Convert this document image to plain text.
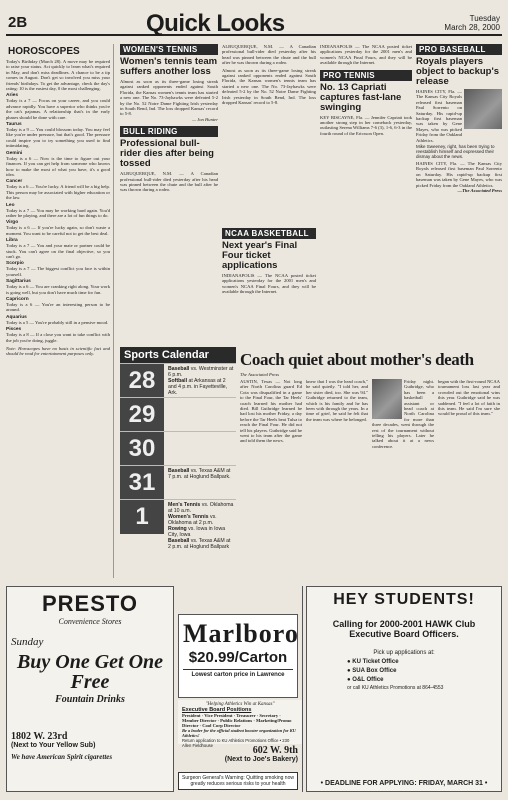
2B	Quick Looks	Tuesday
March 28, 2000
HOROSCOPES
Today's Birthday (March 28). A move may be required to raise your status. Act quickly to learn what's required in May, and don't miss deadlines. A chance to be a tip comes in August. Don't get so involved you miss your friends' birthdays. To get the advantage, check the day's rating: 10 is the easiest day, 0 the most challenging.
Aries
Today is a 7 — Focus on your career, and you could advance rapidly. You have a superior who thinks you're the cat's pajamas. A relationship that's in the early phases should be done with care.
Taurus
Today is a 9 — You could blossom today. You may feel like you're under pressure, but that's good. The pressure could inspire you to try something you used to find intimidating.
Gemini
Today is a 6 — Now is the time to figure out your finances. If you can get help from someone who knows how to make the most of what you have, it's a good idea.
Cancer
Today is a 6 — You're lucky. A friend will be a big help. This person may be associated with higher education or the law.
Leo
Today is a 7 — You may be working hard again. You'd rather be playing, and there are a lot of fun things to do.
Virgo
Today is a 6 — If you're lucky again, so don't waste a moment. You want to be careful not to get the best deal.
Libra
Today is a 7 — You and your mate or partner could be stuck. You can't agree on the final objective, so you can't go.
Scorpio
Today is a 7 — The biggest conflict you face is within yourself.
Sagittarius
Today is a 6 — You are cranking right along. Your work is going well, but you don't have much time for fun.
Capricorn
Today is a 6 — You're an interesting person to be around.
Aquarius
Today is a 5 — You're probably still in a pensive mood.
Pisces
Today is a 8 — If a close you want to take conflict with the job you're doing, juggle.
Note: Horoscopes have no basis in scientific fact and should be read for entertainment purposes only.
WOMEN'S TENNIS
Women's tennis team suffers another loss
Almost as soon as its three-game losing streak against ranked opponents ended against South Florida, the Kansas women's tennis team has started a new one. The No. 73-Jayhawks were defeated 5-2 by the No. 52 Notre Dame Fighting Irish yesterday in South Bend, Ind. The loss dropped Kansas' record to 5-8.
— Jon Hunter
BULL RIDING
Professional bull-rider dies after being tossed
ALBUQUERQUE, N.M. — A Canadian professional bull-rider died yesterday after his head was pinned between the chute and the bull after he was thrown during a rodeo.
ALBUQUERQUE, N.M. — A Canadian professional bull-rider died yesterday after his head was pinned between the chute and the bull after he was thrown during a rodeo.
Almost as soon as its three-game losing streak against ranked opponents ended against South Florida, the Kansas women's tennis team has started a new one. The No. 73-Jayhawks were defeated 5-2 by the No. 52 Notre Dame Fighting Irish yesterday in South Bend, Ind. The loss dropped Kansas' record to 5-8.
INDIANAPOLIS — The NCAA posted ticket applications yesterday for the 2001 men's and women's NCAA Final Fours, and they will be available through the Internet.
PRO TENNIS
No. 13 Capriati captures fast-lane swinging
KEY BISCAYNE, Fla. — Jennifer Capriati took another strong step in her comeback yesterday, outlasting Serena Williams 7-6 (3), 1-6, 6-3 in the fourth round of the Ericsson Open.
NCAA BASKETBALL
Next year's Final Four ticket applications
INDIANAPOLIS — The NCAA posted ticket applications yesterday for the 2001 men's and women's NCAA Final Fours, and they will be available through the Internet.
PRO BASEBALL
Royals players object to backup's release
HAINES CITY, Fla. — The Kansas City Royals released first baseman Paul Sorrento on Saturday. His rapid-up backup first baseman was taken by Gene Mayes, who was picked Friday from the Oakland Athletics.
Mike Sweeney, right, has been trying to reestablish himself and expressed their dismay about the news.
HAINES CITY, Fla. — The Kansas City Royals released first baseman Paul Sorrento on Saturday. His rapid-up backup first baseman was taken by Gene Mayes, who was picked Friday from the Oakland Athletics.
—The Associated Press
Sports Calendar
28	Baseball vs. Westminster at 6 p.m.
Softball at Arkansas at 2 and 4 p.m. in Fayetteville, Ark.
29
30
31	Baseball vs. Texas A&M at 7 p.m. at Hoglund Ballpark.
1	Men's Tennis vs. Oklahoma at 10 a.m.
Women's Tennis vs. Oklahoma at 2 p.m.
Rowing vs. Iowa in Iowa City, Iowa
Baseball vs. Texas A&M at 2 p.m. at Hoglund Ballpark
Coach quiet about mother's death
The Associated Press
AUSTIN, Texas — Not long after North Carolina guard Ed Cota was disqualified in a game to the Final Four, the Tar Heels' coach learned his mother had died. Bill Guthridge learned he had lost his mother Friday, a day before the Tar Heels beat Tulsa to reach the Final Four. He did not tell his players. Guthridge said he went to his team after the game and told them the news.
knew that I was the head coach," he said quietly. "I told her, and her sister died, too. She was 94." Guthridge returned to the team, which is his family and he has been with through the years. In a time of grief, he said he felt that the team was where he belonged.
Friday night. Guthridge, who has been a basketball assistant or head coach at North Carolina for more than three decades, went through the rest of the tournament without telling his players. Later he talked about it at a news conference.
began with the first-round NCAA tournament loss last year and crowded out the emotional wins this year. Guthridge said he was saddened. "I feel a lot of faith in this team. He said I'm sure she would be proud of this team."
PRESTO
Convenience Stores
Sunday
Buy One Get One Free
Fountain Drinks
1802 W. 23rd
(Next to Your Yellow Sub)
We have American Spirit cigarettes
Marlboro
$20.99/Carton
Lowest carton price in Lawrence
602 W. 9th
(Next to Joe's Bakery)
Surgeon General's Warning: Quitting smoking now greatly reduces serious risks to your health
HEY STUDENTS!
Calling for 2000-2001 HAWK Club Executive Board Officers.
Pick up applications at:
● KU Ticket Office
● SUA Box Office
● O&L Office
or call KU Athletics Promotions at 864-4553
• DEADLINE FOR APPLYING: FRIDAY, MARCH 31 •
"Helping Athletics Win at Kansas"
Executive Board Positions
President · Vice President · Treasurer · Secretary · Member Director · Public Relations · Marketing/Promo Director · Cool Corp Director
Be a leader for the official student booster organization for KU Athletics!
Return application to KU Athletics Promotions Office • 230 Allen Fieldhouse
